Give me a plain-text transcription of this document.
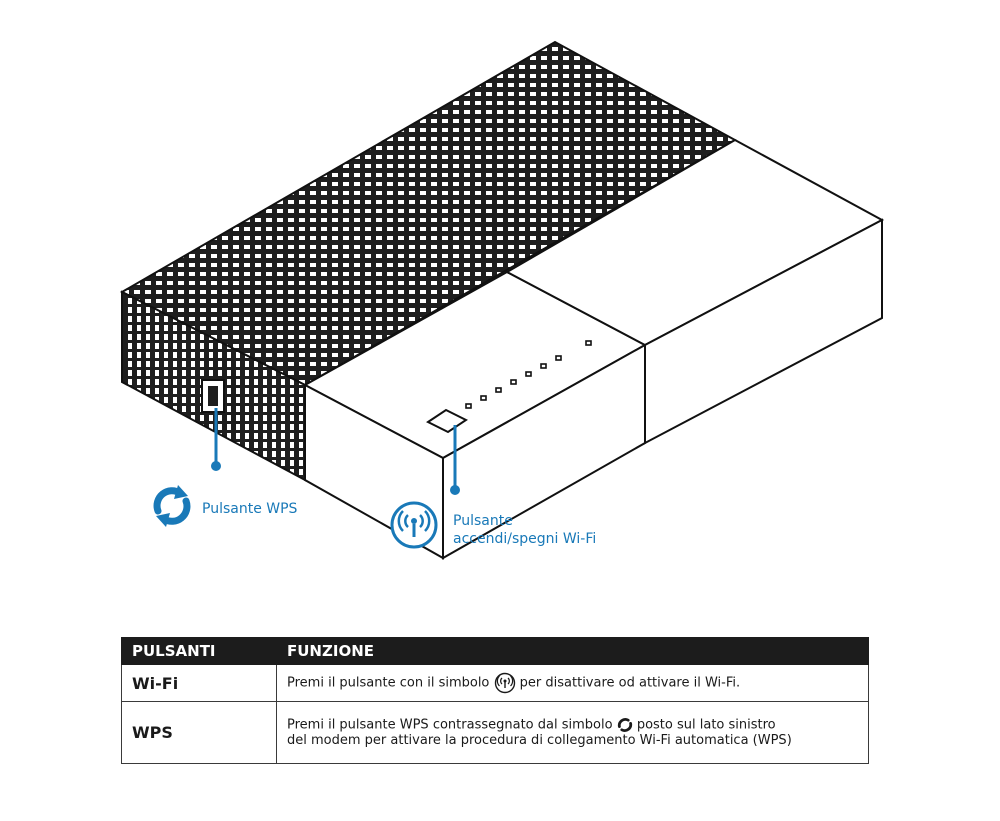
Pulsante WPS
Pulsante
accendi/spegni Wi-Fi
PULSANTI	FUNZIONE
Wi-Fi	Premi il pulsante con il simbolo per disattivare od attivare il Wi-Fi.
WPS	Premi il pulsante WPS contrassegnato dal simbolo posto sul lato sinistro
del modem per attivare la procedura di collegamento Wi-Fi automatica (WPS)
